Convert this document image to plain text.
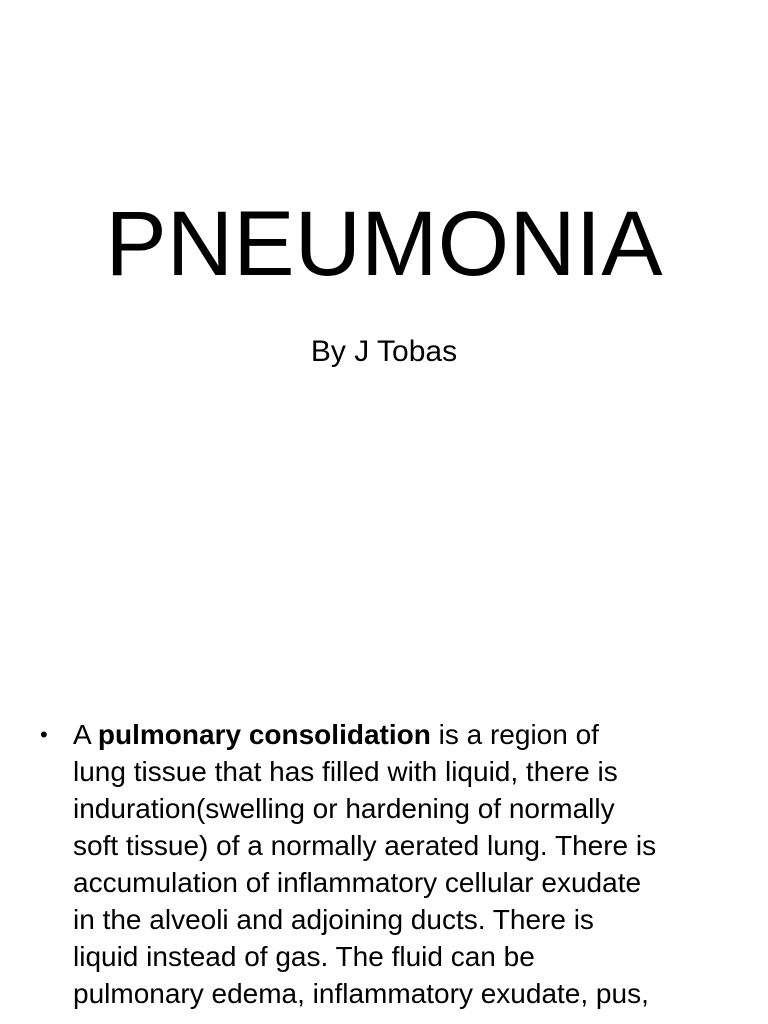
PNEUMONIA

By J Tobas

• A pulmonary consolidation is a region of
lung tissue that has filled with liquid, there is
induration(swelling or hardening of normally
soft tissue) of a normally aerated lung. There is
accumulation of inflammatory cellular exudate
in the alveoli and adjoining ducts. There is
liquid instead of gas. The fluid can be
pulmonary edema, inflammatory exudate, pus,
